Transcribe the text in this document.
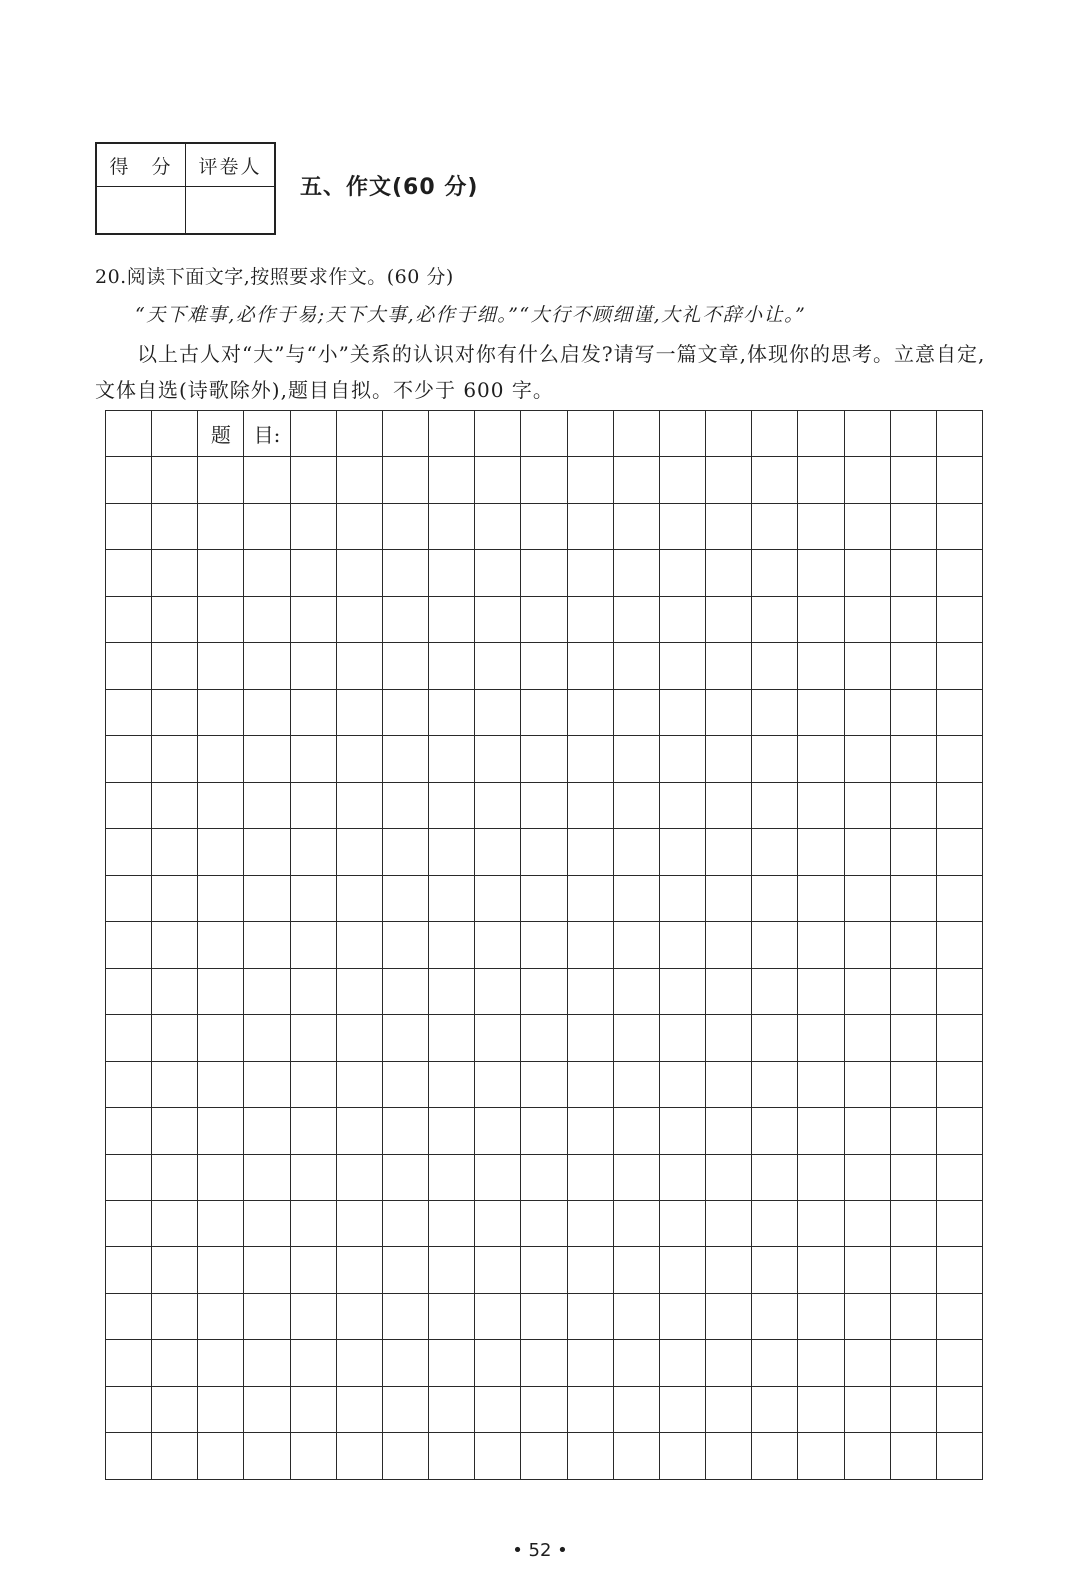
得　分	评卷人

五、作文(60 分)
20.阅读下面文字,按照要求作文。(60 分)
“天下难事,必作于易;天下大事,必作于细。”“大行不顾细谨,大礼不辞小让。”

以上古人对“大”与“小”关系的认识对你有什么启发?请写一篇文章,体现你的思考。立意自定,文体自选(诗歌除外),题目自拟。不少于 600 字。

		题	目:															

• 52 •
